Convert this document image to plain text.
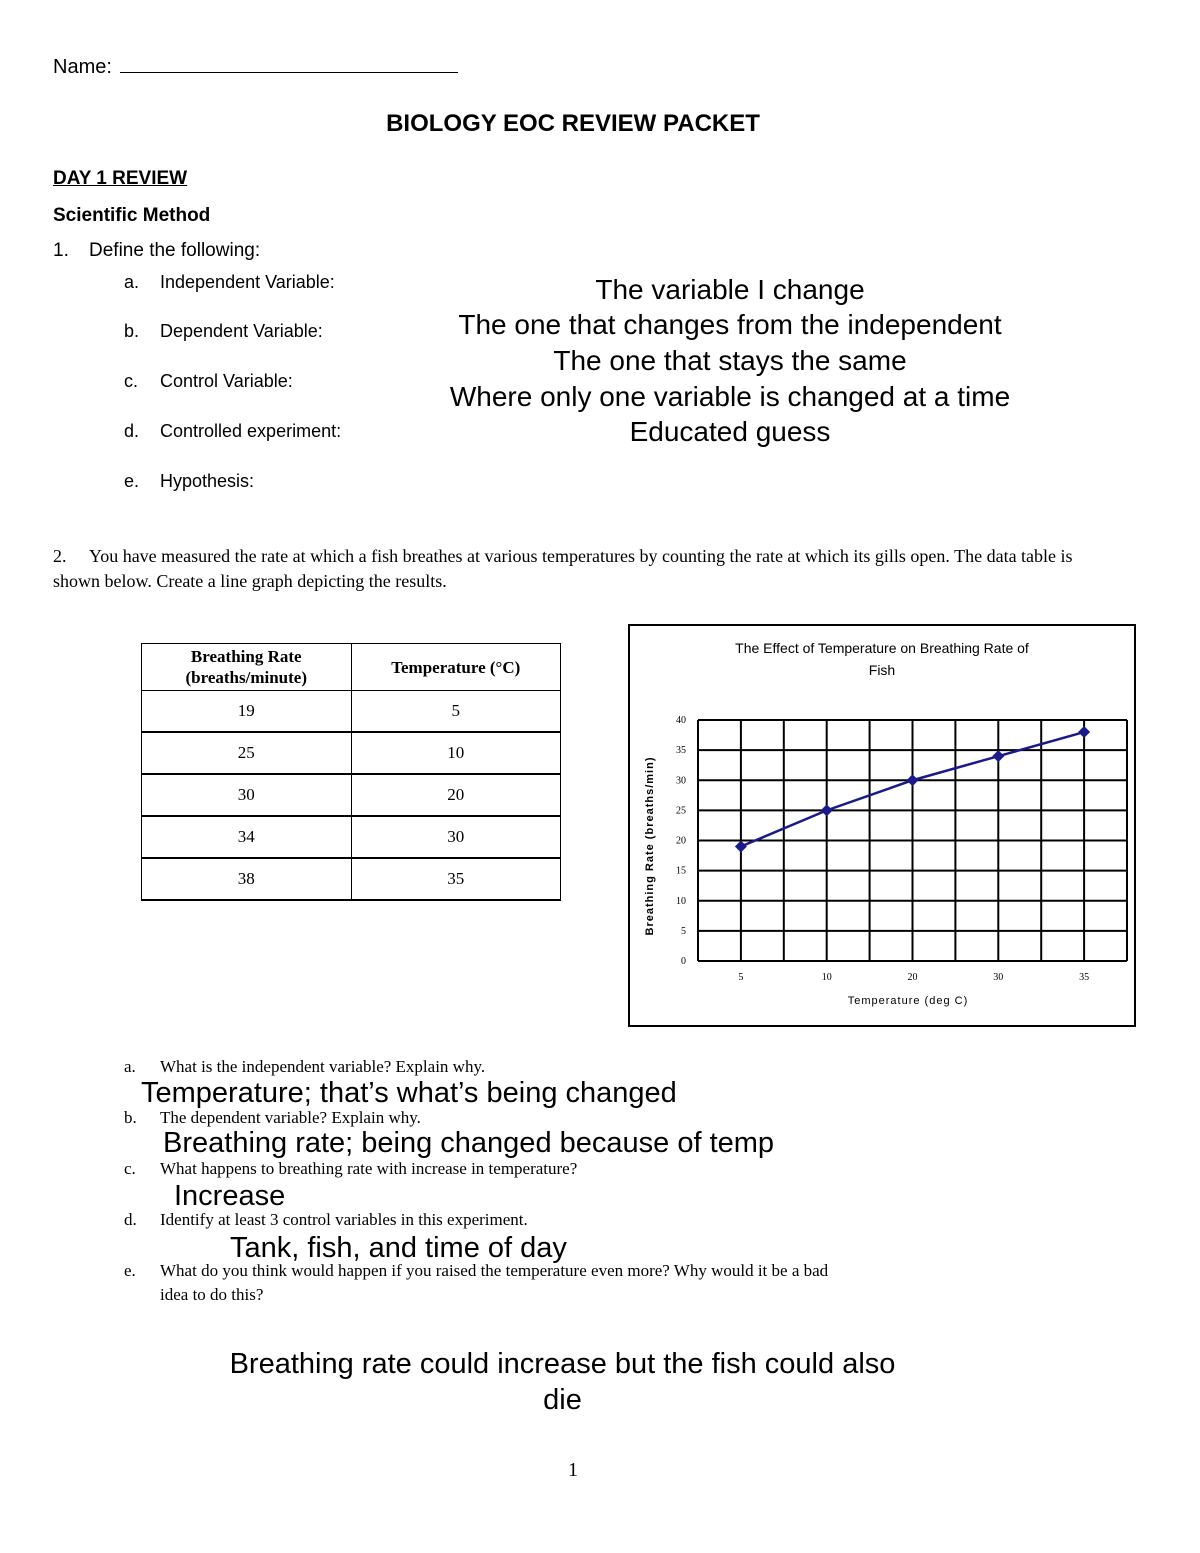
Name:
BIOLOGY EOC REVIEW PACKET
DAY 1 REVIEW
Scientific Method
1. Define the following:
a. Independent Variable:
b. Dependent Variable:
c. Control Variable:
d. Controlled experiment:
e. Hypothesis:
The variable I change
The one that changes from the independent
The one that stays the same
Where only one variable is changed at a time
Educated guess
2. You have measured the rate at which a fish breathes at various temperatures by counting the rate at which its gills open. The data table is shown below. Create a line graph depicting the results.
Breathing Rate
(breaths/minute)	Temperature (°C)
19	5
25	10
30	20
34	30
38	35
The Effect of Temperature on Breathing Rate of
Fish
0
5
10
15
20
25
30
35
40
5	10	20	30	35
Breathing Rate (breaths/min)
Temperature (deg C)
a. What is the independent variable? Explain why.
Temperature; that’s what’s being changed
b. The dependent variable? Explain why.
Breathing rate; being changed because of temp
c. What happens to breathing rate with increase in temperature?
Increase
d. Identify at least 3 control variables in this experiment.
Tank, fish, and time of day
e. What do you think would happen if you raised the temperature even more? Why would it be a bad
idea to do this?
Breathing rate could increase but the fish could also
die
1
